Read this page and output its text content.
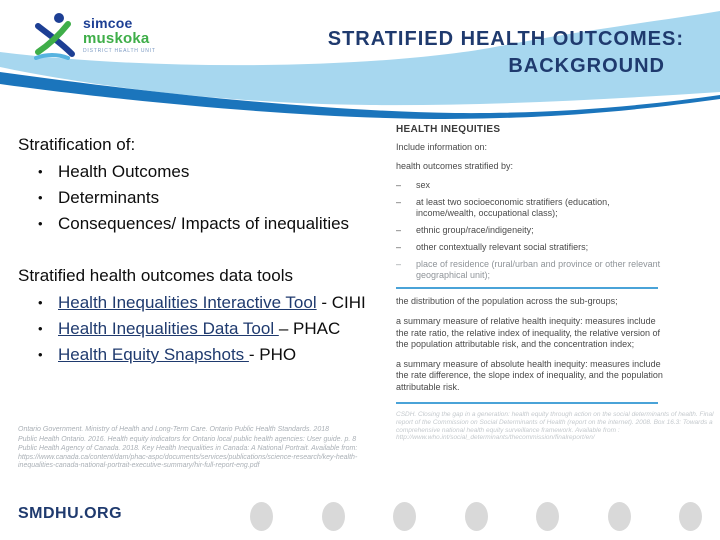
simcoe
muskoka
DISTRICT HEALTH UNIT
STRATIFIED HEALTH OUTCOMES:
BACKGROUND
Stratification of:
• Health Outcomes
• Determinants
• Consequences/ Impacts of inequalities
Stratified health outcomes data tools
• Health Inequalities Interactive Tool - CIHI
• Health Inequalities Data Tool – PHAC
• Health Equity Snapshots - PHO
Ontario Government. Ministry of Health and Long-Term Care. Ontario Public Health Standards. 2018
Public Health Ontario. 2016. Health equity indicators for Ontario local public health agencies: User guide. p. 8
Public Health Agency of Canada. 2018. Key Health Inequalities in Canada: A National Portrait. Available from: https://www.canada.ca/content/dam/phac-aspc/documents/services/publications/science-research/key-health-inequalities-canada-national-portrait-executive-summary/hir-full-report-eng.pdf
HEALTH INEQUITIES
Include information on:
health outcomes stratified by:
–	sex
–	at least two socioeconomic stratifiers (education, income/wealth, occupational class);
–	ethnic group/race/indigeneity;
–	other contextually relevant social stratifiers;
–	place of residence (rural/urban and province or other relevant geographical unit);
the distribution of the population across the sub-groups;
a summary measure of relative health inequity: measures include the rate ratio, the relative index of inequality, the relative version of the population attributable risk, and the concentration index;
a summary measure of absolute health inequity: measures include the rate difference, the slope index of inequality, and the population attributable risk.
CSDH. Closing the gap in a generation: health equity through action on the social determinants of health. Final report of the Commission on Social Determinants of Health (report on the internet). 2008. Box 16.3: Towards a comprehensive national health equity surveillance framework. Available from : http://www.who.int/social_determinants/thecommission/finalreport/en/
SMDHU.ORG
